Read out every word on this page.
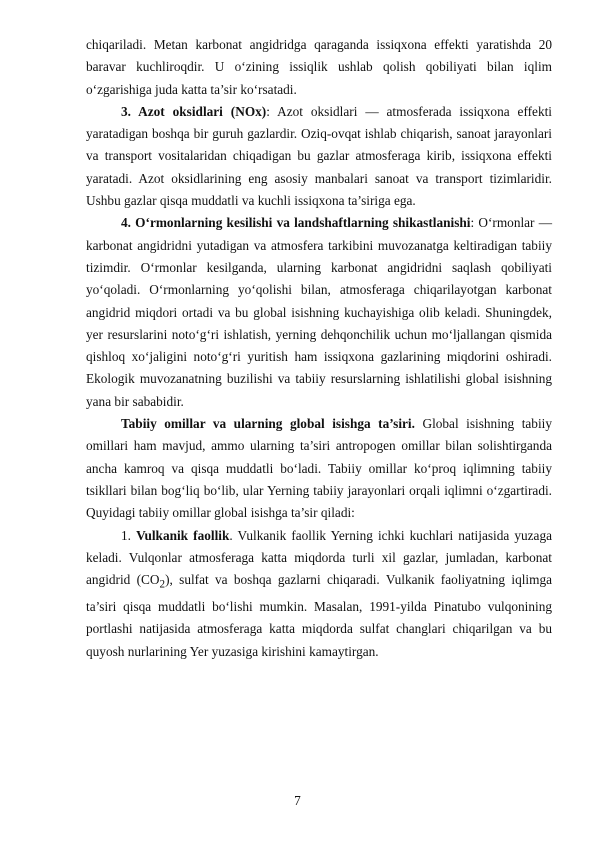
chiqariladi. Metan karbonat angidridga qaraganda issiqxona effekti yaratishda 20 baravar kuchliroqdir. U o‘zining issiqlik ushlab qolish qobiliyati bilan iqlim o‘zgarishiga juda katta ta’sir ko‘rsatadi.

3. Azot oksidlari (NOx): Azot oksidlari — atmosferada issiqxona effekti yaratadigan boshqa bir guruh gazlardir. Oziq-ovqat ishlab chiqarish, sanoat jarayonlari va transport vositalaridan chiqadigan bu gazlar atmosferaga kirib, issiqxona effekti yaratadi. Azot oksidlarining eng asosiy manbalari sanoat va transport tizimlaridir. Ushbu gazlar qisqa muddatli va kuchli issiqxona ta’siriga ega.

4. O‘rmonlarning kesilishi va landshaftlarning shikastlanishi: O‘rmonlar — karbonat angidridni yutadigan va atmosfera tarkibini muvozanatga keltiradigan tabiiy tizimdir. O‘rmonlar kesilganda, ularning karbonat angidridni saqlash qobiliyati yo‘qoladi. O‘rmonlarning yo‘qolishi bilan, atmosferaga chiqarilayotgan karbonat angidrid miqdori ortadi va bu global isishning kuchayishiga olib keladi. Shuningdek, yer resurslarini noto‘g‘ri ishlatish, yerning dehqonchilik uchun mo‘ljallangan qismida qishloq xo‘jaligini noto‘g‘ri yuritish ham issiqxona gazlarining miqdorini oshiradi. Ekologik muvozanatning buzilishi va tabiiy resurslarning ishlatilishi global isishning yana bir sababidir.

Tabiiy omillar va ularning global isishga ta’siri. Global isishning tabiiy omillari ham mavjud, ammo ularning ta’siri antropogen omillar bilan solishtirganda ancha kamroq va qisqa muddatli bo‘ladi. Tabiiy omillar ko‘proq iqlimning tabiiy tsikllari bilan bog‘liq bo‘lib, ular Yerning tabiiy jarayonlari orqali iqlimni o‘zgartiradi. Quyidagi tabiiy omillar global isishga ta’sir qiladi:

1. Vulkanik faollik. Vulkanik faollik Yerning ichki kuchlari natijasida yuzaga keladi. Vulqonlar atmosferaga katta miqdorda turli xil gazlar, jumladan, karbonat angidrid $(CO_2)$, sulfat va boshqa gazlarni chiqaradi. Vulkanik faoliyatning iqlimga ta’siri qisqa muddatli bo‘lishi mumkin. Masalan, 1991-yilda Pinatubo vulqonining portlashi natijasida atmosferaga katta miqdorda sulfat changlari chiqarilgan va bu quyosh nurlarining Yer yuzasiga kirishini kamaytirgan.

7
